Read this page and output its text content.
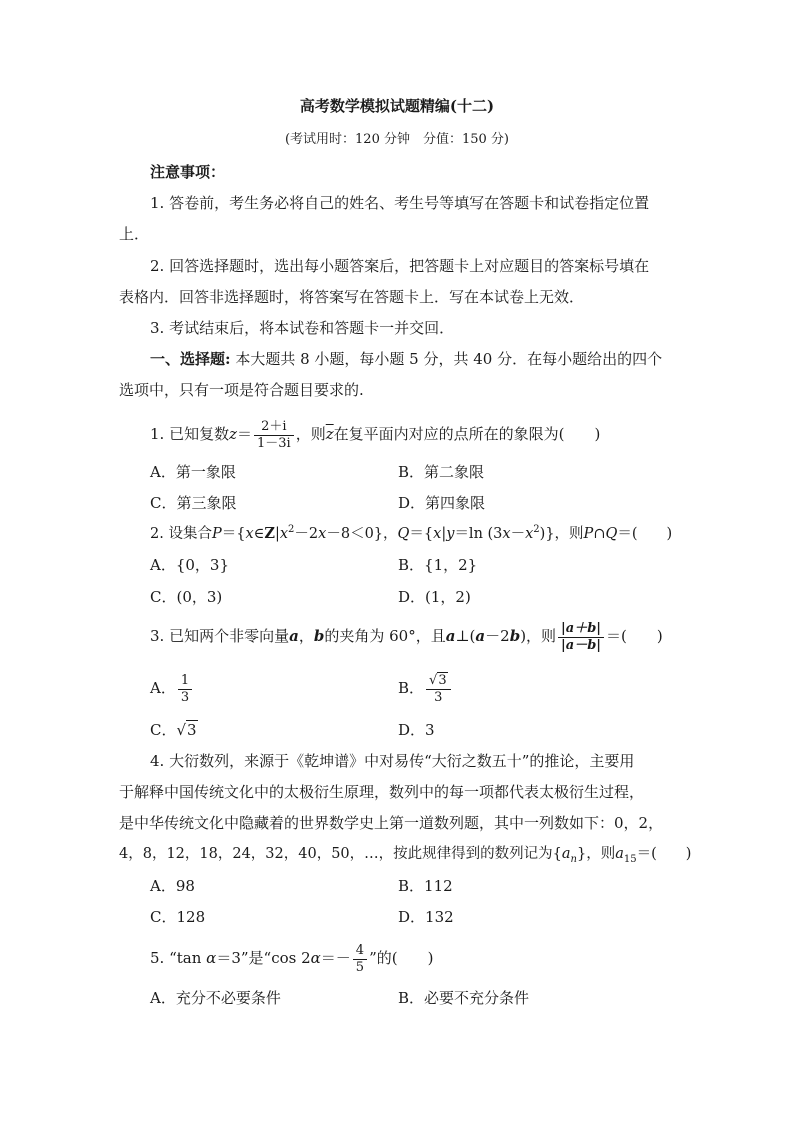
高考数学模拟试题精编(十二)
(考试用时：120 分钟　分值：150 分)
注意事项：
1. 答卷前，考生务必将自己的姓名、考生号等填写在答题卡和试卷指定位置
上．
2. 回答选择题时，选出每小题答案后，把答题卡上对应题目的答案标号填在
表格内．回答非选择题时，将答案写在答题卡上．写在本试卷上无效．
3. 考试结束后，将本试卷和答题卡一并交回．
一、选择题: 本大题共 8 小题，每小题 5 分，共 40 分．在每小题给出的四个
选项中，只有一项是符合题目要求的.
1. 已知复数$z= \frac{2+i}{1-3i}$ ，则$\overline{z}$在复平面内对应的点所在的象限为(　　)
A．第一象限	B．第二象限
C．第三象限	D．第四象限
2. 设集合$P=\{x\in Z|x^2-2x-8<0\}$，Q＝{x|y＝ln $(3x-x^2)$}，则P∩Q＝(　　)
A．{0，3}	B．{1，2}
C．(0，3)	D．(1，2)
3. 已知两个非零向量a，b的夹角为 60°，且a⊥(a－2b)，则 $\frac{|a+b|}{|a-b|}$ ＝(　　)
A． $\frac{1}{3}$	B． $\frac{√3}{3}$
C．√3	D．3
4. 大衍数列，来源于《乾坤谱》中对易传“大衍之数五十”的推论，主要用
于解释中国传统文化中的太极衍生原理，数列中的每一项都代表太极衍生过程，
是中华传统文化中隐藏着的世界数学史上第一道数列题，其中一列数如下：0，2，
4，8，12，18，24，32，40，50，…，按此规律得到的数列记为$\{a_n\}$，则$a_{15}=$(　　)
A．98	B．112
C．128	D．132
5. “tan α＝3”是“cos $2\alpha=- \frac{4}{5}$ ”的(　　)
A．充分不必要条件	B．必要不充分条件
